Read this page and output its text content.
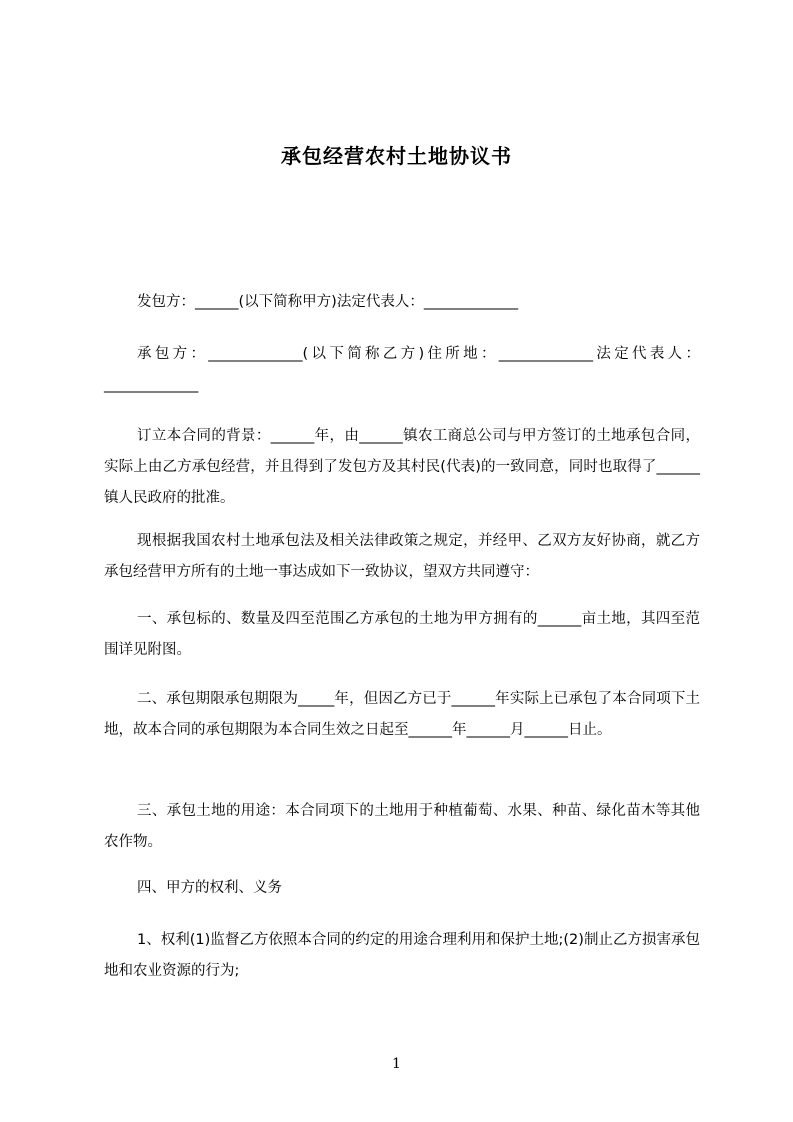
承包经营农村土地协议书
发包方：______(以下简称甲方)法定代表人：_____________
承包方：_____________(以下简称乙方)住所地：_____________法定代表人：_____________
订立本合同的背景：______年，由______镇农工商总公司与甲方签订的土地承包合同，实际上由乙方承包经营，并且得到了发包方及其村民(代表)的一致同意，同时也取得了______镇人民政府的批准。
现根据我国农村土地承包法及相关法律政策之规定，并经甲、乙双方友好协商，就乙方承包经营甲方所有的土地一事达成如下一致协议，望双方共同遵守：
一、承包标的、数量及四至范围乙方承包的土地为甲方拥有的______亩土地，其四至范围详见附图。
二、承包期限承包期限为_____年，但因乙方已于______年实际上已承包了本合同项下土地，故本合同的承包期限为本合同生效之日起至______年______月______日止。
三、承包土地的用途：本合同项下的土地用于种植葡萄、水果、种苗、绿化苗木等其他农作物。
四、甲方的权利、义务
1、权利(1)监督乙方依照本合同的约定的用途合理利用和保护土地;(2)制止乙方损害承包地和农业资源的行为;
1
